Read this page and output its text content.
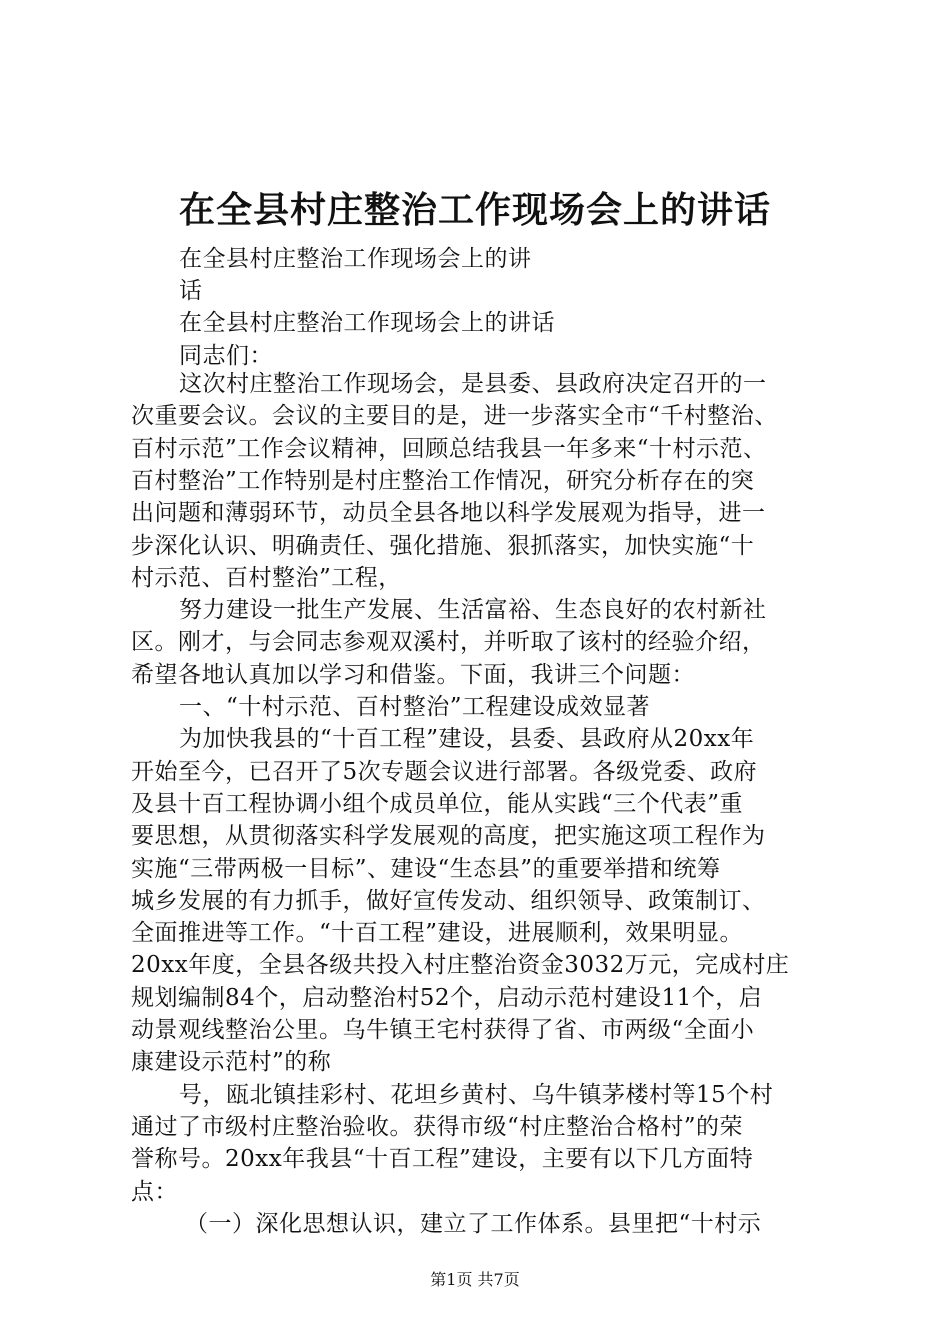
在全县村庄整治工作现场会上的讲话
在全县村庄整治工作现场会上的讲
话
在全县村庄整治工作现场会上的讲话
同志们：
这次村庄整治工作现场会，是县委、县政府决定召开的一
次重要会议。会议的主要目的是，进一步落实全市“千村整治、
百村示范”工作会议精神，回顾总结我县一年多来“十村示范、
百村整治”工作特别是村庄整治工作情况，研究分析存在的突
出问题和薄弱环节，动员全县各地以科学发展观为指导，进一
步深化认识、明确责任、强化措施、狠抓落实，加快实施“十
村示范、百村整治”工程，
努力建设一批生产发展、生活富裕、生态良好的农村新社
区。刚才，与会同志参观双溪村，并听取了该村的经验介绍，
希望各地认真加以学习和借鉴。下面，我讲三个问题：
一、“十村示范、百村整治”工程建设成效显著
为加快我县的“十百工程”建设，县委、县政府从20xx年
开始至今，已召开了5次专题会议进行部署。各级党委、政府
及县十百工程协调小组个成员单位，能从实践“三个代表”重
要思想，从贯彻落实科学发展观的高度，把实施这项工程作为
实施“三带两极一目标”、建设“生态县”的重要举措和统筹
城乡发展的有力抓手，做好宣传发动、组织领导、政策制订、
全面推进等工作。“十百工程”建设，进展顺利，效果明显。
20xx年度，全县各级共投入村庄整治资金3032万元，完成村庄
规划编制84个，启动整治村52个，启动示范村建设11个，启
动景观线整治公里。乌牛镇王宅村获得了省、市两级“全面小
康建设示范村”的称
号，瓯北镇挂彩村、花坦乡黄村、乌牛镇茅楼村等15个村
通过了市级村庄整治验收。获得市级“村庄整治合格村”的荣
誉称号。20xx年我县“十百工程”建设，主要有以下几方面特
点：
（一）深化思想认识，建立了工作体系。县里把“十村示
第1页 共7页
